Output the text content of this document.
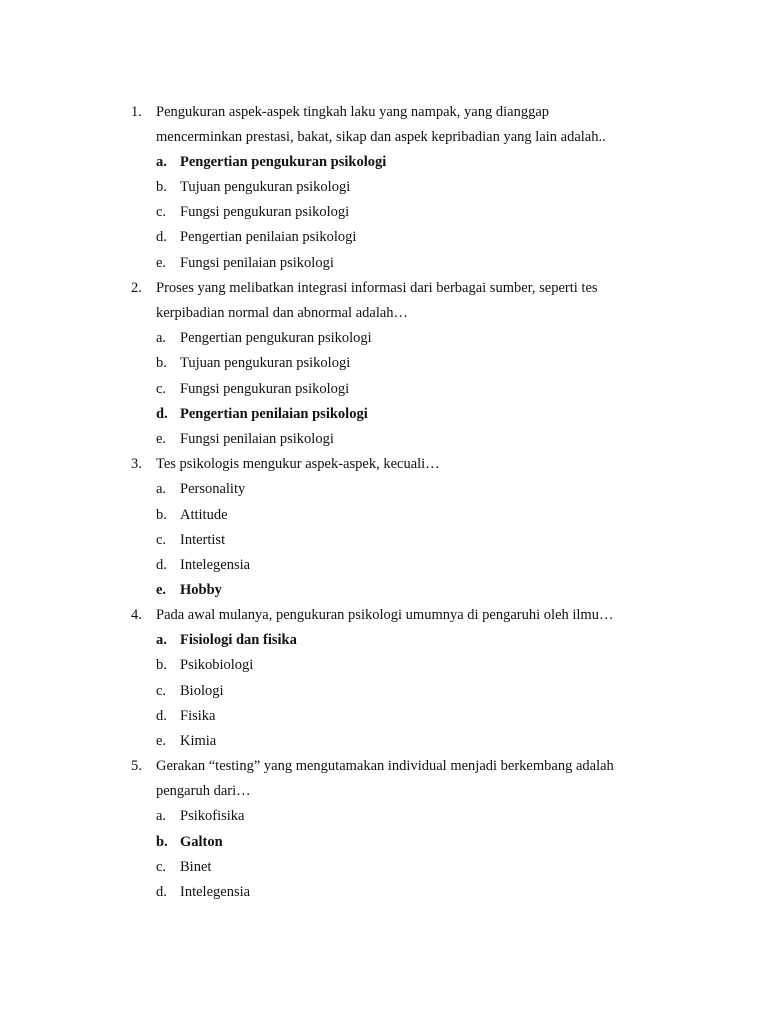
1. Pengukuran aspek-aspek tingkah laku yang nampak, yang dianggap
mencerminkan prestasi, bakat, sikap dan aspek kepribadian yang lain adalah..
a. Pengertian pengukuran psikologi
b. Tujuan pengukuran psikologi
c. Fungsi pengukuran psikologi
d. Pengertian penilaian psikologi
e. Fungsi penilaian psikologi
2. Proses yang melibatkan integrasi informasi dari berbagai sumber, seperti tes
kerpibadian normal dan abnormal adalah…
a. Pengertian pengukuran psikologi
b. Tujuan pengukuran psikologi
c. Fungsi pengukuran psikologi
d. Pengertian penilaian psikologi
e. Fungsi penilaian psikologi
3. Tes psikologis mengukur aspek-aspek, kecuali…
a. Personality
b. Attitude
c. Intertist
d. Intelegensia
e. Hobby
4. Pada awal mulanya, pengukuran psikologi umumnya di pengaruhi oleh ilmu…
a. Fisiologi dan fisika
b. Psikobiologi
c. Biologi
d. Fisika
e. Kimia
5. Gerakan “testing” yang mengutamakan individual menjadi berkembang adalah
pengaruh dari…
a. Psikofisika
b. Galton
c. Binet
d. Intelegensia
